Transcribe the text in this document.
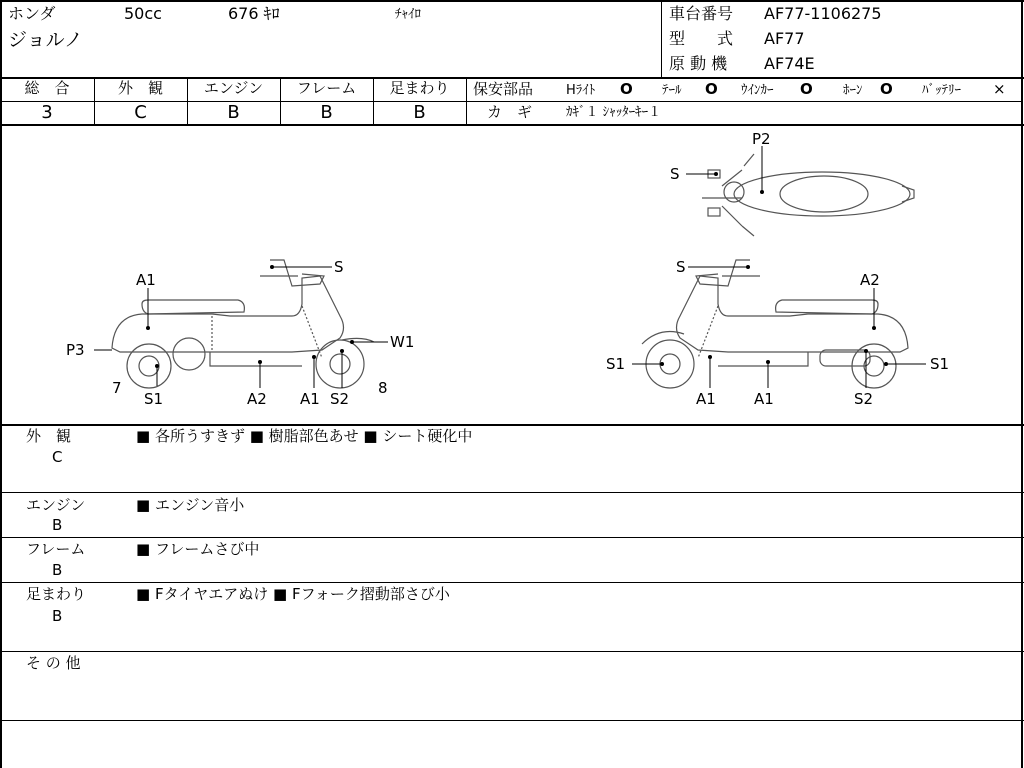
ホンダ	50cc	676 ｷﾛ	ﾁｬｲﾛ
ジョルノ
車台番号 AF77-1106275
型　　式 AF77
原 動 機 AF74E
総　合	外　観	エンジン	フレーム	足まわり
3	C	B	B	B
保安部品	Hﾗｲﾄ O ﾃｰﾙ O ｳｲﾝｶｰ O ﾎｰﾝ O ﾊﾞｯﾃﾘｰ ×
カ　ギ	ｶｷﾞ１ ｼｬｯﾀｰｷｰ１
A1
S
P3	W1
7	8
S1	A2 A1 S2
S
A2
S1	S1
A1	A1	S2
P2
S
外　観
C
■ 各所うすきず ■ 樹脂部色あせ ■ シート硬化中
エンジン
B
■ エンジン音小
フレーム
B
■ フレームさび中
足まわり
B
■ Fタイヤエアぬけ ■ Fフォーク摺動部さび小
そ の 他
